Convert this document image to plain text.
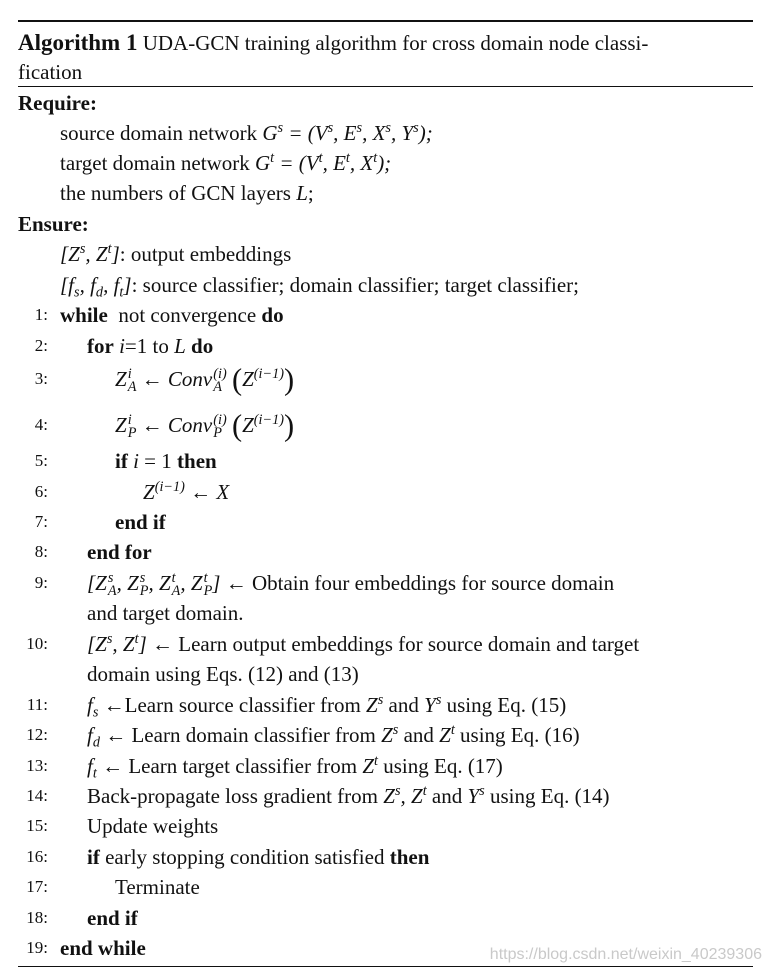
Algorithm 1 UDA-GCN training algorithm for cross domain node classi-
fication
Require:
source domain network $G^s = (V^s$, $E^s$, $X^s$, $Y^s$);
target domain network $G^t = (V^t$, $E^t$, $X^t$);
the numbers of GCN layers L;
Ensure:
[$Z^s$, $Z^t$]: output embeddings
[$f_s$, $f_d$, $f_t$]: source classifier; domain classifier; target classifier;
1: while not convergence do
2: for i=1 to L do
3:	Z i
A ← Conv (i)
A $(Z^{(i-1)})$
4:	Z i
P ← Conv (i)
P $(Z^{(i-1)})$
5:	if i = 1 then
6:	$Z^{(i-1)}$ ← X
7:	end if
8: end for
9: [Z s
A , Z s
P , Z t
A , Z t
P ] ← Obtain four embeddings for source domain
and target domain.
10: [$Z^s$, $Z^t$] ← Learn output embeddings for source domain and target
domain using Eqs. (12) and (13)
11: $f_s$ ←Learn source classifier from $Z^s$ and $Y^s$ using Eq. (15)
12: $f_d$ ← Learn domain classifier from $Z^s$ and $Z^t$ using Eq. (16)
13: $f_t$ ← Learn target classifier from $Z^t$ using Eq. (17)
14: Back-propagate loss gradient from $Z^s$, $Z^t$ and $Y^s$ using Eq. (14)
15: Update weights
16: if early stopping condition satisfied then
17:	Terminate
18: end if
19: end while	https://blog.csdn.net/weixin_40239306
